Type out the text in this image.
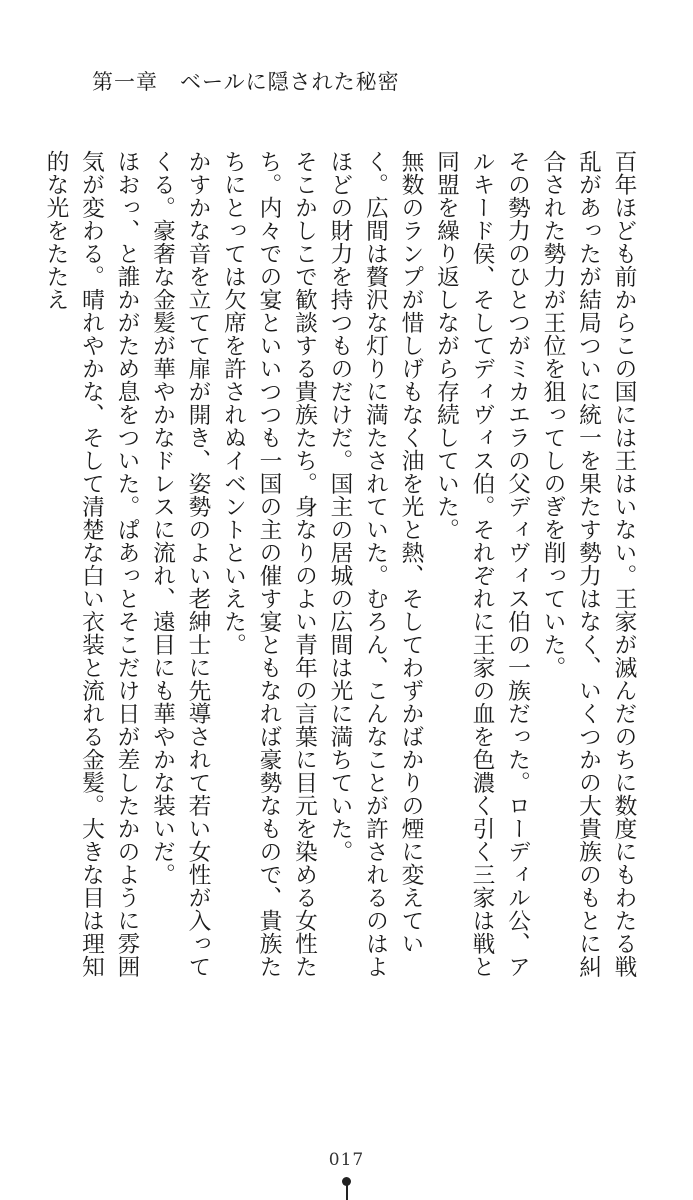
第一章 ベールに隠された秘密

百年ほども前からこの国には王はいない。王家が滅んだのちに数度にもわたる戦乱があったが結局ついに統一を果たす勢力はなく、いくつかの大貴族のもとに糾合された勢力が王位を狙ってしのぎを削っていた。

その勢力のひとつがミカエラの父ディヴィス伯の一族だった。ローディル公、アルキード侯、そしてディヴィス伯。それぞれに王家の血を色濃く引く三家は戦と同盟を繰り返しながら存続していた。

無数のランプが惜しげもなく油を光と熱、そしてわずかばかりの煙に変えていく。広間は贅沢な灯りに満たされていた。むろん、こんなことが許されるのはよほどの財力を持つものだけだ。国主の居城の広間は光に満ちていた。

そこかしこで歓談する貴族たち。身なりのよい青年の言葉に目元を染める女性たち。内々での宴といいつつも一国の主の催す宴ともなれば豪勢なもので、貴族たちにとっては欠席を許されぬイベントといえた。

かすかな音を立てて扉が開き、姿勢のよい老紳士に先導されて若い女性が入ってくる。豪奢な金髪が華やかなドレスに流れ、遠目にも華やかな装いだ。

ほおっ、と誰かがため息をついた。ぱあっとそこだけ日が差したかのように雰囲気が変わる。晴れやかな、そして清楚な白い衣装と流れる金髪。大きな目は理知的な光をたたえ

017
